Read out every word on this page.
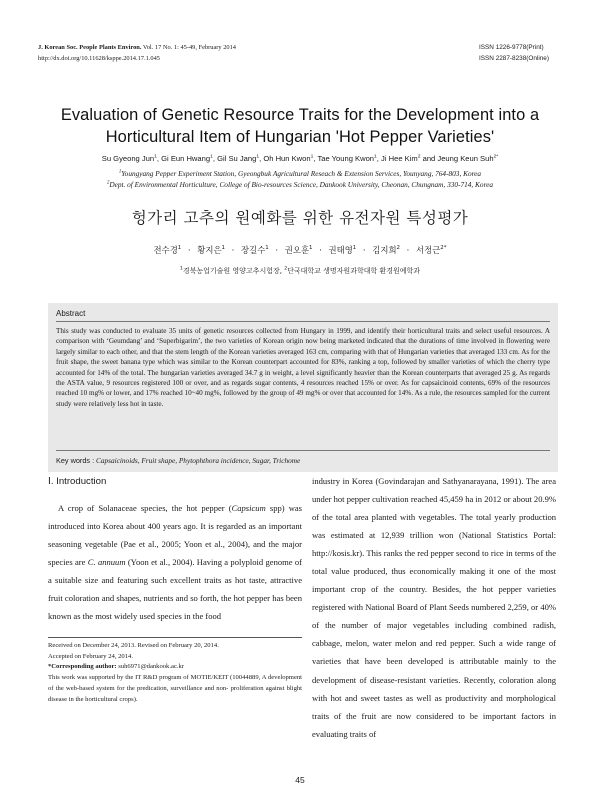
J. Korean Soc. People Plants Environ. Vol. 17 No. 1: 45-49, February 2014
http://dx.doi.org/10.11628/ksppe.2014.17.1.045
ISSN 1226-9778(Print)
ISSN 2287-8238(Online)
Evaluation of Genetic Resource Traits for the Development into a
Horticultural Item of Hungarian 'Hot Pepper Varieties'
Su Gyeong Jun$^1$, Gi Eun Hwang$^1$, Gil Su Jang$^1$, Oh Hun Kwon$^1$, Tae Young Kwon$^1$, Ji Hee Kim$^2$ and Jeung Keun Suh$^{2*}$
$^1$Youngyang Pepper Experiment Station, Gyeongbuk Agricultural Reseach & Extension Services, Younyang, 764-803, Korea
$^2$Dept. of Environmental Horticulture, College of Bio-resources Science, Dankook University, Cheonan, Chungnam, 330-714, Korea
헝가리 고추의 원예화를 위한 유전자원 특성평가
전수경$^1$ · 황지은$^1$ · 장길수$^1$ · 권오훈$^1$ · 권태영$^1$ · 김지희$^2$ · 서정근$^{2*}$
$^1$경북농업기술원 영양고추시험장, $^2$단국대학교 생명자원과학대학 환경원예학과
Abstract
This study was conducted to evaluate 35 units of genetic resources collected from Hungary in 1999, and identify their horticultural traits and select useful resources. A comparison with ‘Geumdang’ and ‘Superbigarim’, the two varieties of Korean origin now being marketed indicated that the durations of time involved in flowering were largely similar to each other, and that the stem length of the Korean varieties averaged 163 cm, comparing with that of Hungarian varieties that averaged 133 cm. As for the fruit shape, the sweet banana type which was similar to the Korean counterpart accounted for 83%, ranking a top, followed by smaller varieties of which the cherry type accounted for 14% of the total. The hungarian varieties averaged 34.7 g in weight, a level significantly heavier than the Korean counterparts that averaged 25 g. As regards the ASTA value, 9 resources registered 100 or over, and as regards sugar contents, 4 resources reached 15% or over. As for capsaicinoid contents, 69% of the resources reached 10 mg% or lower, and 17% reached 10~40 mg%, followed by the group of 49 mg% or over that accounted for 14%. As a rule, the resources sampled for the current study were relatively less hot in taste.
Key words : Capsaicinoids, Fruit shape, Phytophthora incidence, Sugar, Trichome
Ⅰ. Introduction
A crop of Solanaceae species, the hot pepper (Capsicum spp) was introduced into Korea about 400 years ago. It is regarded as an important seasoning vegetable (Pae et al., 2005; Yoon et al., 2004), and the major species are C. annuum (Yoon et al., 2004). Having a polyploid genome of a suitable size and featuring such excellent traits as hot taste, attractive fruit coloration and shapes, nutrients and so forth, the hot pepper has been known as the most widely used species in the food
industry in Korea (Govindarajan and Sathyanarayana, 1991). The area under hot pepper cultivation reached 45,459 ha in 2012 or about 20.9% of the total area planted with vegetables. The total yearly production was estimated at 12,939 trillion won (National Statistics Portal: http://kosis.kr). This ranks the red pepper second to rice in terms of the total value produced, thus economically making it one of the most important crop of the country. Besides, the hot pepper varieties registered with National Board of Plant Seeds numbered 2,259, or 40% of the number of major vegetables including combined radish, cabbage, melon, water melon and red pepper. Such a wide range of varieties that have been developed is attributable mainly to the development of disease-resistant varieties. Recently, coloration along with hot and sweet tastes as well as productivity and morphological traits of the fruit are now considered to be important factors in evaluating traits of
Received on December 24, 2013. Revised on February 20, 2014.
Accepted on February 24, 2014.
*Corresponding author: suh6971@dankook.ac.kr
This work was supported by the IT R&D program of MOTIE/KEIT (10044889, A development of the web-based system for the predication, surveillance and non- proliferation against blight disease in the horticultural crops).
45
